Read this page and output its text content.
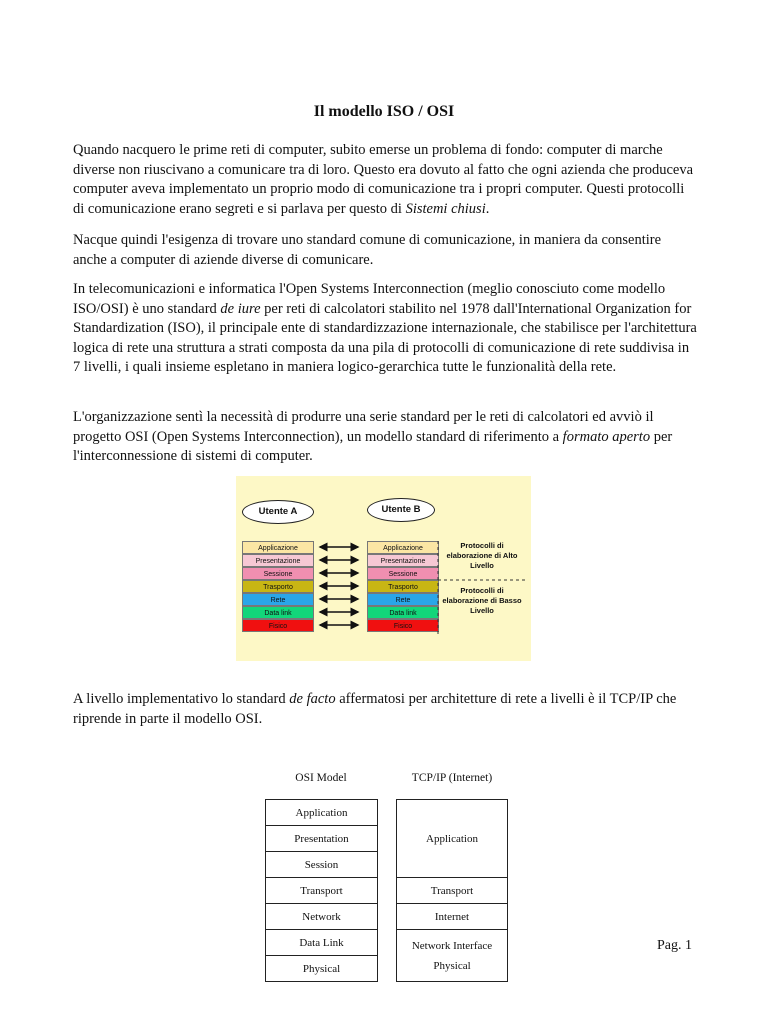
Il modello ISO / OSI

Quando nacquero le prime reti di computer, subito emerse un problema di fondo: computer di marche diverse non riuscivano a comunicare tra di loro. Questo era dovuto al fatto che ogni azienda che produceva computer aveva implementato un proprio modo di comunicazione tra i propri computer. Questi protocolli di comunicazione erano segreti e si parlava per questo di Sistemi chiusi.

Nacque quindi l'esigenza di trovare uno standard comune di comunicazione, in maniera da consentire anche a computer di aziende diverse di comunicare.

In telecomunicazioni e informatica l'Open Systems Interconnection (meglio conosciuto come modello ISO/OSI) è uno standard de iure per reti di calcolatori stabilito nel 1978 dall'International Organization for Standardization (ISO), il principale ente di standardizzazione internazionale, che stabilisce per l'architettura logica di rete una struttura a strati composta da una pila di protocolli di comunicazione di rete suddivisa in 7 livelli, i quali insieme espletano in maniera logico-gerarchica tutte le funzionalità della rete.

L'organizzazione sentì la necessità di produrre una serie standard per le reti di calcolatori ed avviò il progetto OSI (Open Systems Interconnection), un modello standard di riferimento a formato aperto per l'interconnessione di sistemi di computer.

Utente A	Utente B
Applicazione
Presentazione
Sessione
Trasporto
Rete
Data link
Fisico
Applicazione
Presentazione
Sessione
Trasporto
Rete
Data link
Fisico
Protocolli di elaborazione di Alto Livello
Protocolli di elaborazione di Basso Livello

A livello implementativo lo standard de facto affermatosi per architetture di rete a livelli è il TCP/IP che riprende in parte il modello OSI.

OSI Model	TCP/IP (Internet)
Application
Presentation
Session
Transport
Network
Data Link
Physical
Application
Transport
Internet
Network Interface
Physical
Pag. 1
